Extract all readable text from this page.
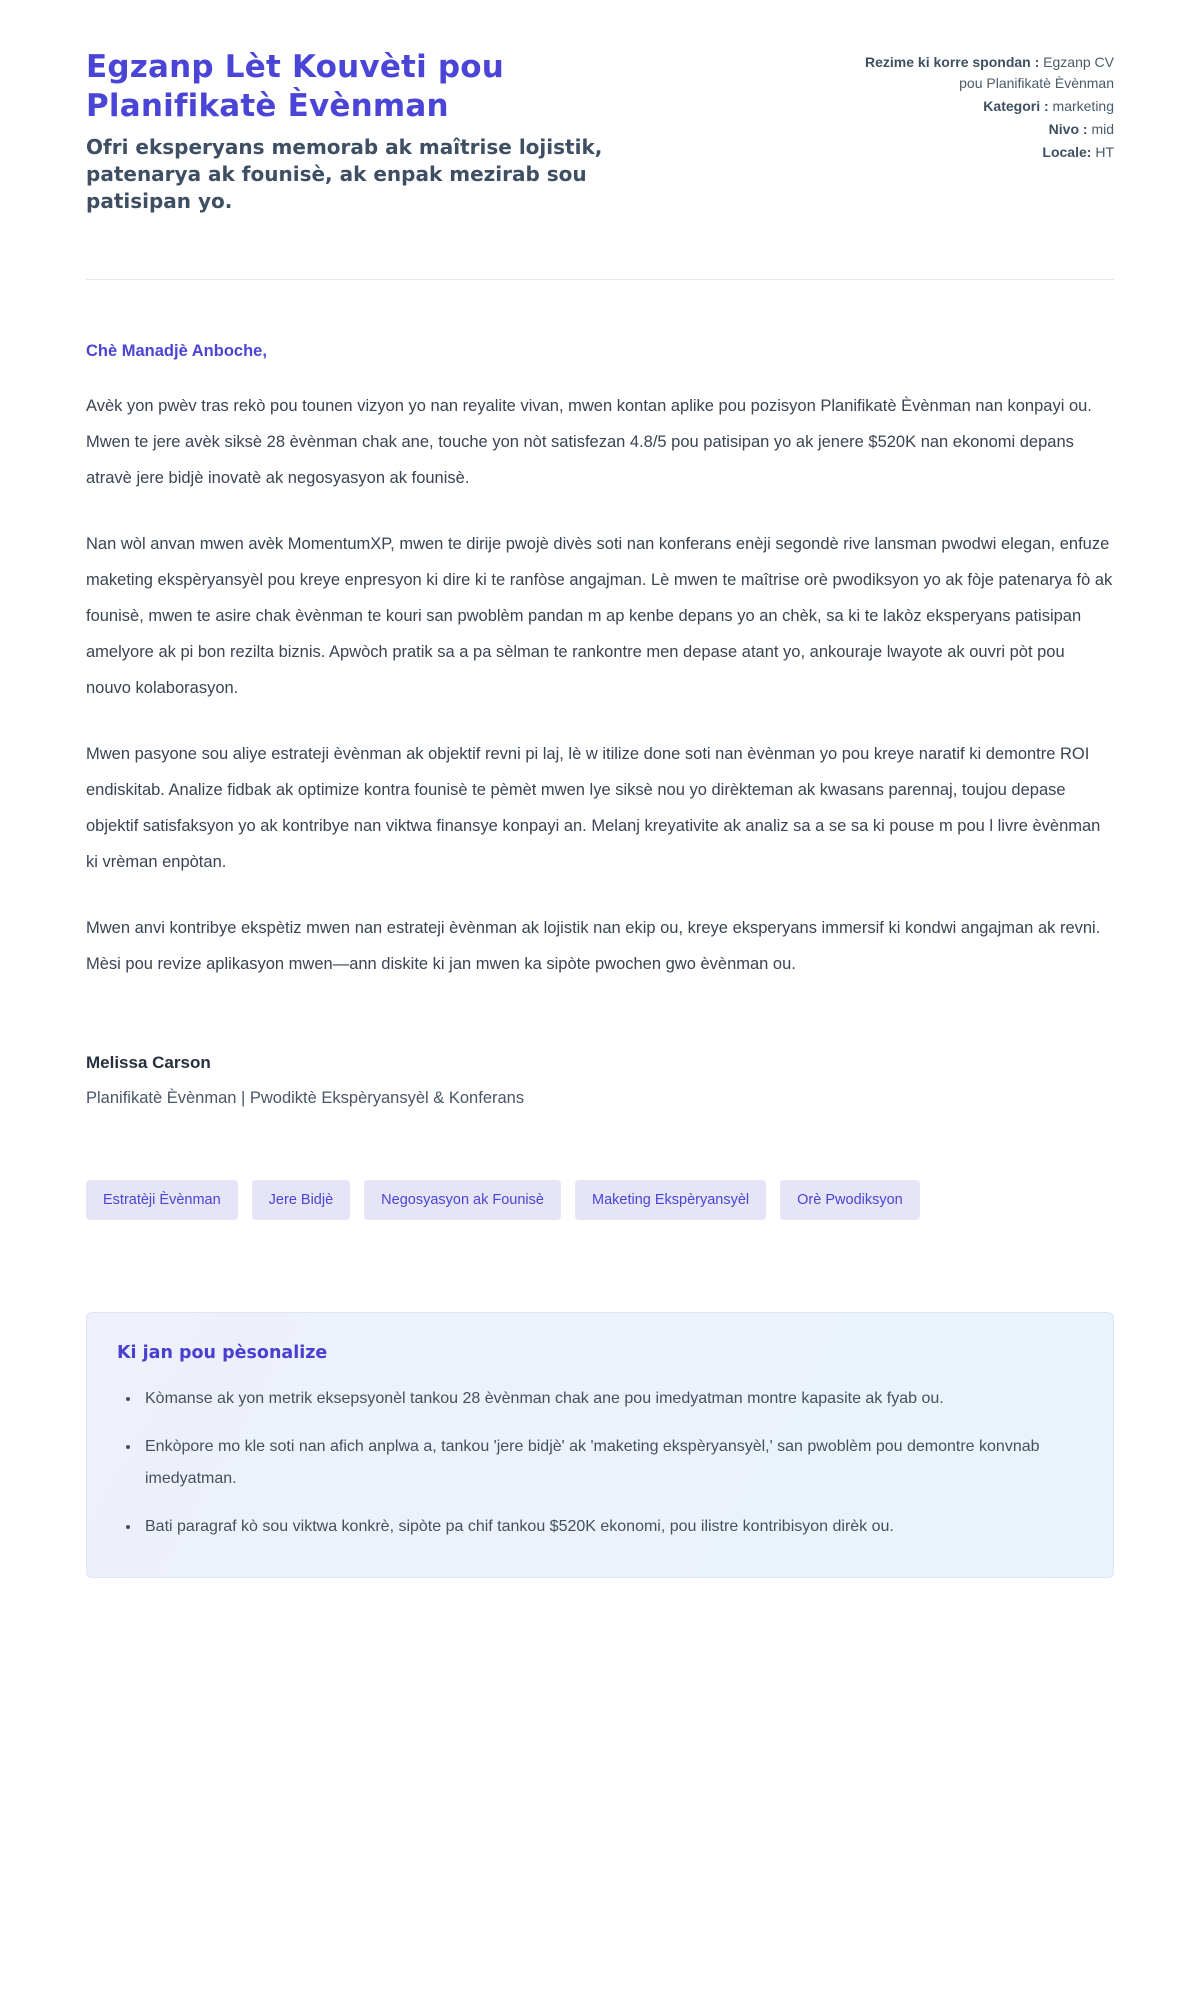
Egzanp Lèt Kouvèti pou Planifikatè Èvènman
Ofri eksperyans memorab ak maîtrise lojistik, patenarya ak founisè, ak enpak mezirab sou patisipan yo.
Rezime ki korre spondan : Egzanp CV pou Planifikatè Èvènman
Kategori : marketing
Nivo : mid
Locale: HT

Chè Manadjè Anboche,

Avèk yon pwèv tras rekò pou tounen vizyon yo nan reyalite vivan, mwen kontan aplike pou pozisyon Planifikatè Èvènman nan konpayi ou. Mwen te jere avèk siksè 28 èvènman chak ane, touche yon nòt satisfezan 4.8/5 pou patisipan yo ak jenere $520K nan ekonomi depans atravè jere bidjè inovatè ak negosyasyon ak founisè.

Nan wòl anvan mwen avèk MomentumXP, mwen te dirije pwojè divès soti nan konferans enèji segondè rive lansman pwodwi elegan, enfuze maketing ekspèryansyèl pou kreye enpresyon ki dire ki te ranfòse angajman. Lè mwen te maîtrise orè pwodiksyon yo ak fòje patenarya fò ak founisè, mwen te asire chak èvènman te kouri san pwoblèm pandan m ap kenbe depans yo an chèk, sa ki te lakòz eksperyans patisipan amelyore ak pi bon rezilta biznis. Apwòch pratik sa a pa sèlman te rankontre men depase atant yo, ankouraje lwayote ak ouvri pòt pou nouvo kolaborasyon.

Mwen pasyone sou aliye estrateji èvènman ak objektif revni pi laj, lè w itilize done soti nan èvènman yo pou kreye naratif ki demontre ROI endiskitab. Analize fidbak ak optimize kontra founisè te pèmèt mwen lye siksè nou yo dirèkteman ak kwasans parennaj, toujou depase objektif satisfaksyon yo ak kontribye nan viktwa finansye konpayi an. Melanj kreyativite ak analiz sa a se sa ki pouse m pou l livre èvènman ki vrèman enpòtan.

Mwen anvi kontribye ekspètiz mwen nan estrateji èvènman ak lojistik nan ekip ou, kreye eksperyans immersif ki kondwi angajman ak revni. Mèsi pou revize aplikasyon mwen—ann diskite ki jan mwen ka sipòte pwochen gwo èvènman ou.

Melissa Carson
Planifikatè Èvènman | Pwodiktè Ekspèryansyèl & Konferans
Estratèji Èvènman	Jere Bidjè	Negosyasyon ak Founisè	Maketing Ekspèryansyèl	Orè Pwodiksyon
Ki jan pou pèsonalize
• Kòmanse ak yon metrik eksepsyonèl tankou 28 èvènman chak ane pou imedyatman montre kapasite ak fyab ou.
• Enkòpore mo kle soti nan afich anplwa a, tankou 'jere bidjè' ak 'maketing ekspèryansyèl,' san pwoblèm pou demontre konvnab imedyatman.
• Bati paragraf kò sou viktwa konkrè, sipòte pa chif tankou $520K ekonomi, pou ilistre kontribisyon dirèk ou.
